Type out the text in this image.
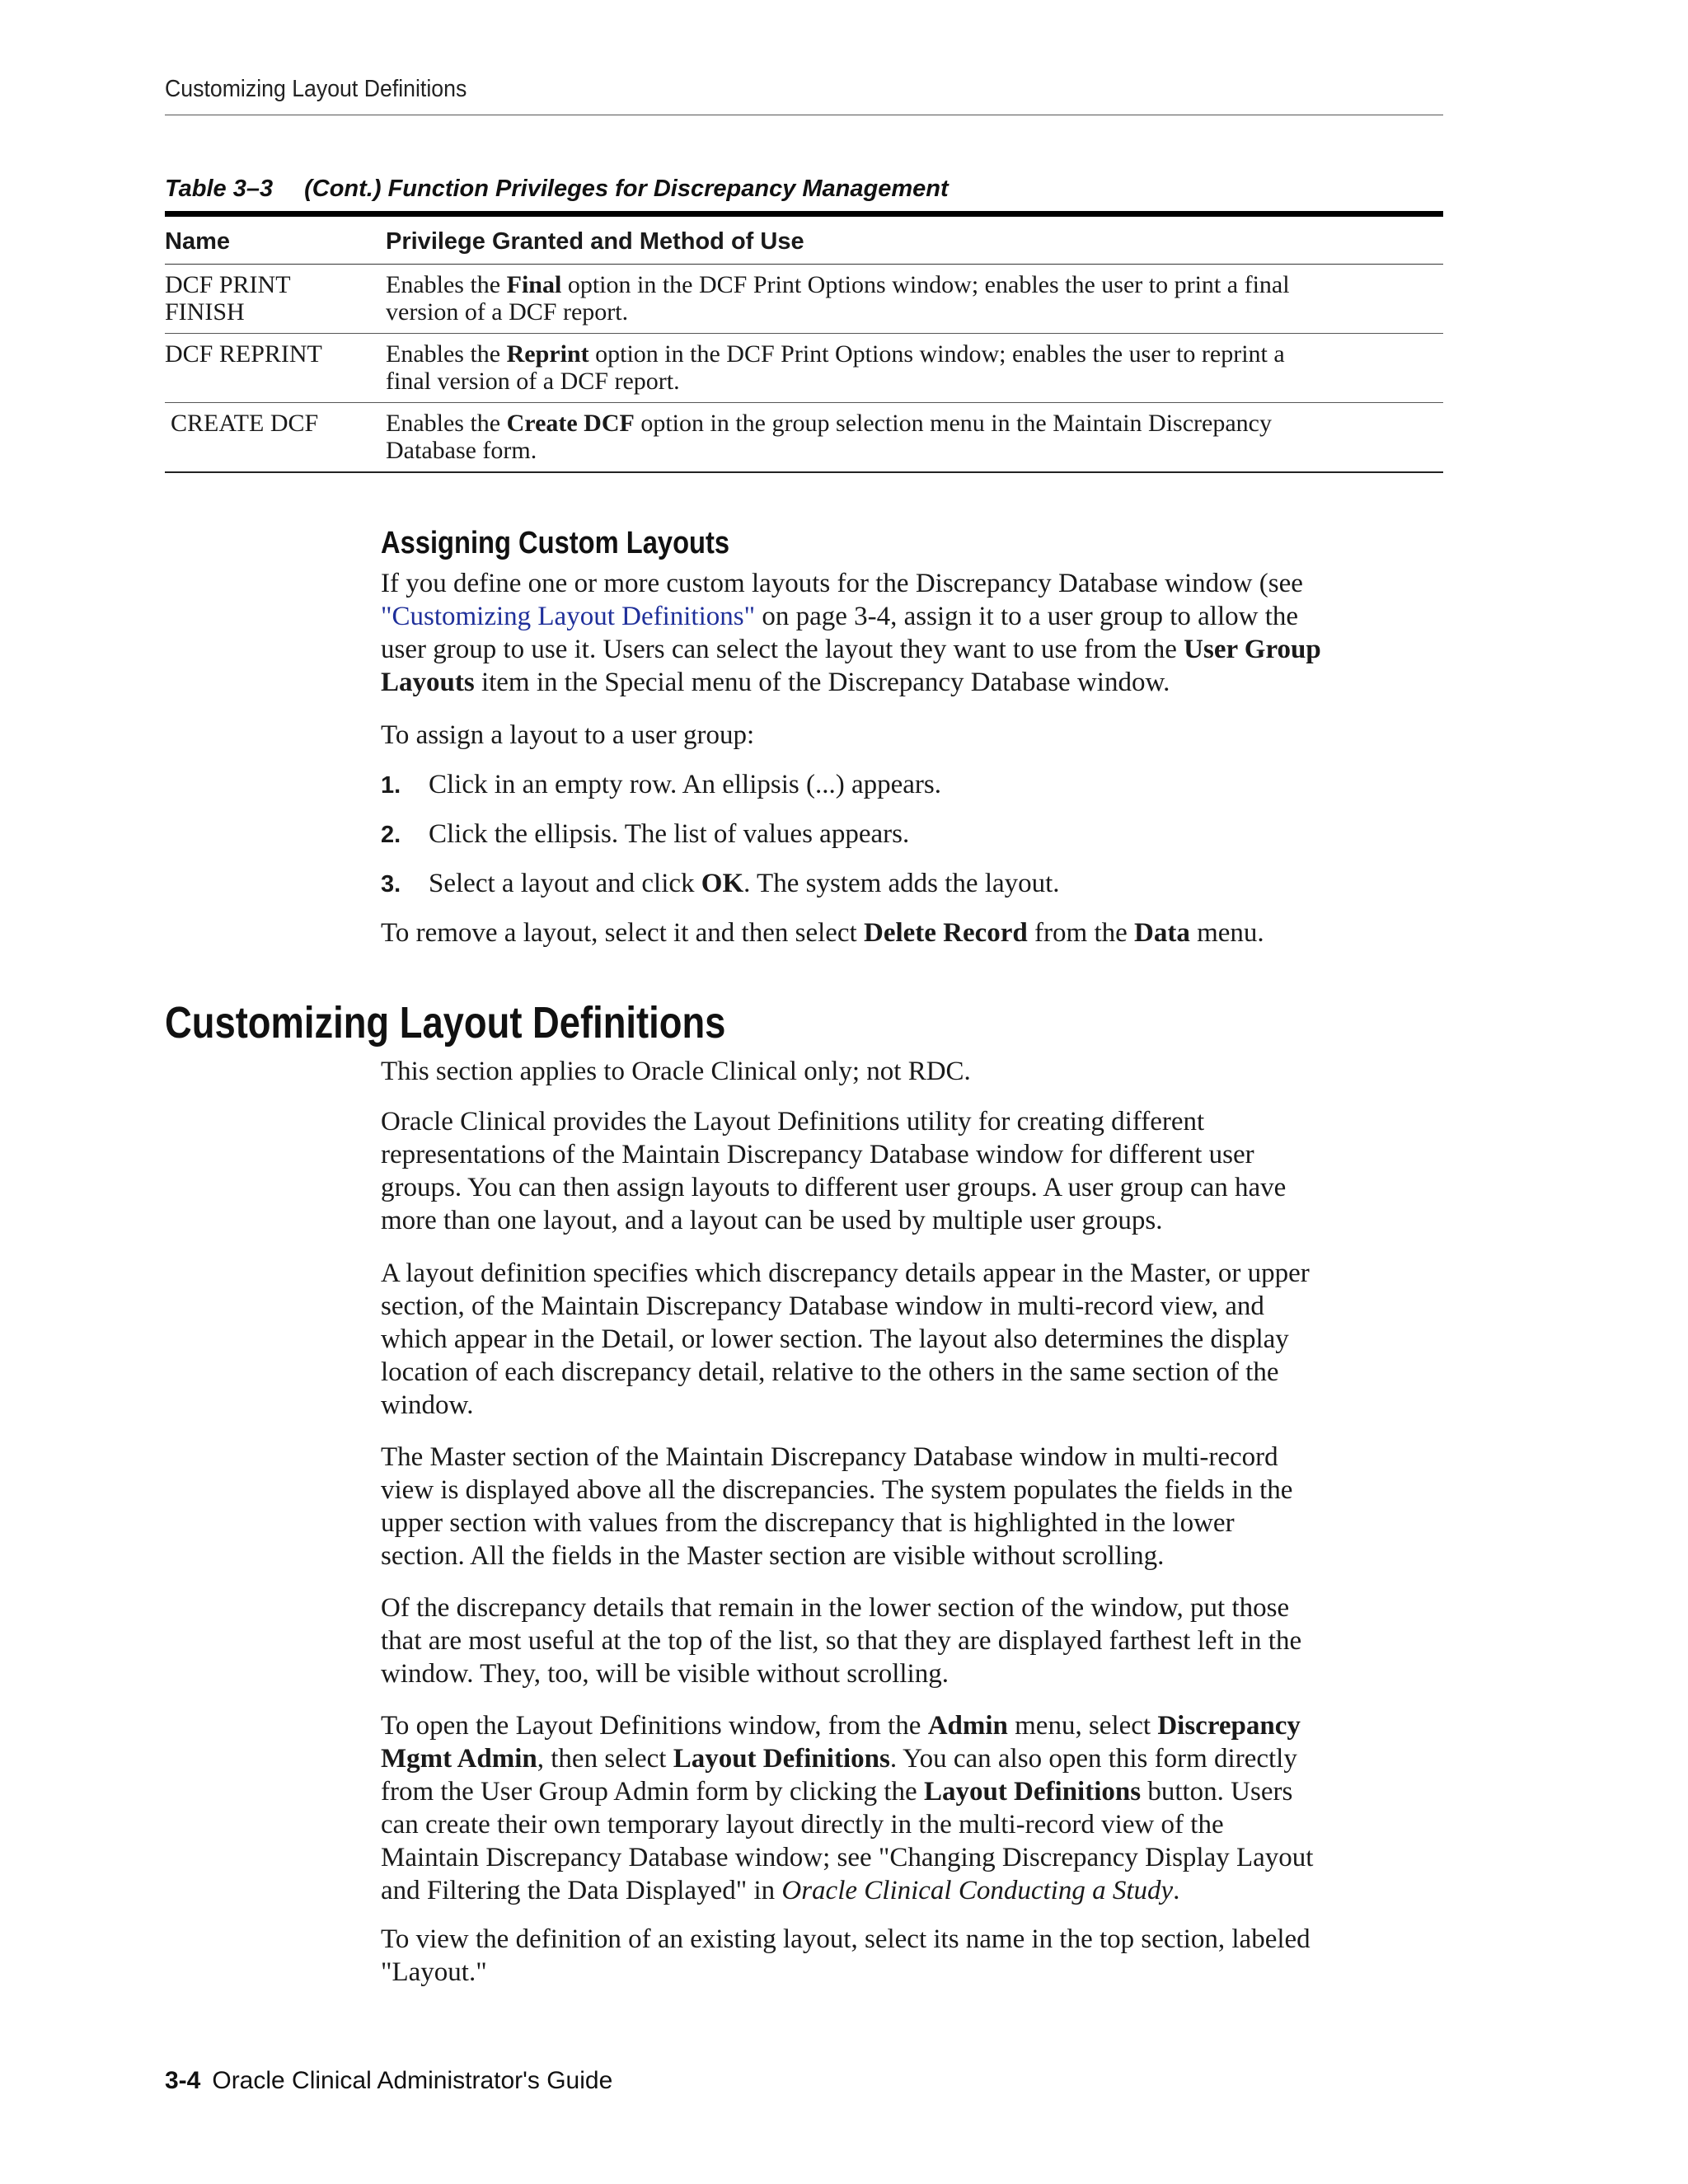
Customizing Layout Definitions
Table 3–3 (Cont.) Function Privileges for Discrepancy Management
Name	Privilege Granted and Method of Use
DCF PRINT
FINISH	Enables the Final option in the DCF Print Options window; enables the user to print a final
version of a DCF report.
DCF REPRINT	Enables the Reprint option in the DCF Print Options window; enables the user to reprint a
final version of a DCF report.
CREATE DCF	Enables the Create DCF option in the group selection menu in the Maintain Discrepancy
Database form.
Assigning Custom Layouts

If you define one or more custom layouts for the Discrepancy Database window (see
"Customizing Layout Definitions" on page 3-4, assign it to a user group to allow the
user group to use it. Users can select the layout they want to use from the User Group
Layouts item in the Special menu of the Discrepancy Database window.

To assign a layout to a user group:

1. Click in an empty row. An ellipsis (...) appears.
2. Click the ellipsis. The list of values appears.
3. Select a layout and click OK. The system adds the layout.

To remove a layout, select it and then select Delete Record from the Data menu.

Customizing Layout Definitions

This section applies to Oracle Clinical only; not RDC.

Oracle Clinical provides the Layout Definitions utility for creating different
representations of the Maintain Discrepancy Database window for different user
groups. You can then assign layouts to different user groups. A user group can have
more than one layout, and a layout can be used by multiple user groups.

A layout definition specifies which discrepancy details appear in the Master, or upper
section, of the Maintain Discrepancy Database window in multi-record view, and
which appear in the Detail, or lower section. The layout also determines the display
location of each discrepancy detail, relative to the others in the same section of the
window.

The Master section of the Maintain Discrepancy Database window in multi-record
view is displayed above all the discrepancies. The system populates the fields in the
upper section with values from the discrepancy that is highlighted in the lower
section. All the fields in the Master section are visible without scrolling.

Of the discrepancy details that remain in the lower section of the window, put those
that are most useful at the top of the list, so that they are displayed farthest left in the
window. They, too, will be visible without scrolling.

To open the Layout Definitions window, from the Admin menu, select Discrepancy
Mgmt Admin, then select Layout Definitions. You can also open this form directly
from the User Group Admin form by clicking the Layout Definitions button. Users
can create their own temporary layout directly in the multi-record view of the
Maintain Discrepancy Database window; see "Changing Discrepancy Display Layout
and Filtering the Data Displayed" in Oracle Clinical Conducting a Study.

To view the definition of an existing layout, select its name in the top section, labeled
"Layout."

3-4 Oracle Clinical Administrator's Guide
